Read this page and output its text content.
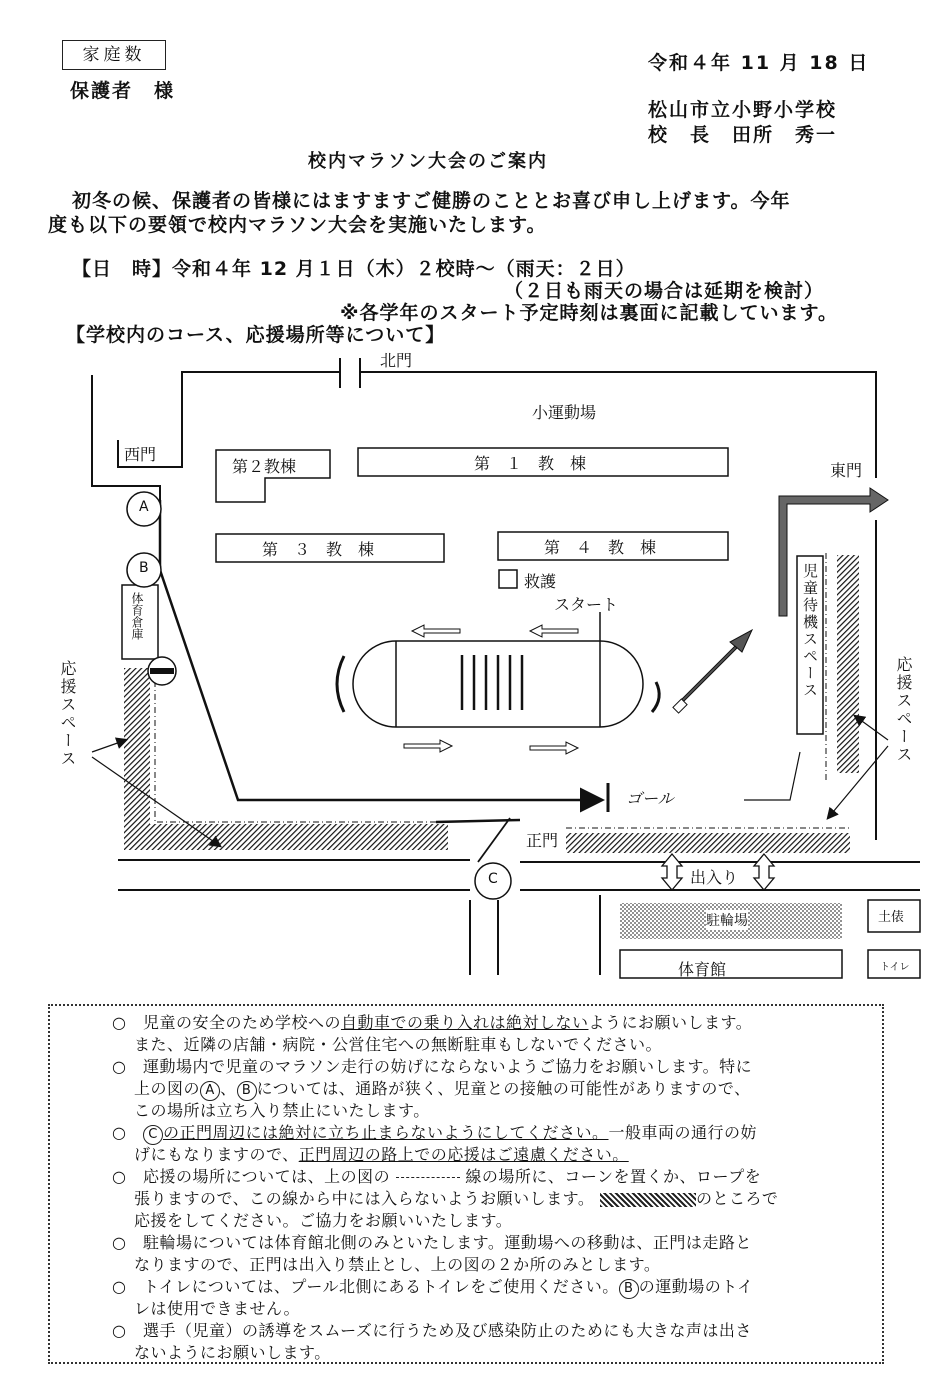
家庭数
保護者　様
令和４年 11 月 18 日
松山市立小野小学校
校　長　田所　秀一
校内マラソン大会のご案内
初冬の候、保護者の皆様にはますますご健勝のこととお喜び申し上げます。今年
度も以下の要領で校内マラソン大会を実施いたします。
【日　時】令和４年 12 月１日（木）２校時～（雨天：２日）
（２日も雨天の場合は延期を検討）
※各学年のスタート予定時刻は裏面に記載しています。
【学校内のコース、応援場所等について】
北門
小運動場
西門
東門
第　１　教　棟
第２教棟
第　３　教　棟	第　４　教　棟
救護
スタート
ゴール
児童待機スペース
体育倉庫
応援スペース	応援スペース
正門
出入り
駐輪場
体育館
土俵
トイレ
A
B
C
○　児童の安全のため学校への自動車での乗り入れは絶対しないようにお願いします。
また、近隣の店舗・病院・公営住宅への無断駐車もしないでください。
○　運動場内で児童のマラソン走行の妨げにならないようご協力をお願いします。特に
上の図の A 、 B については、通路が狭く、児童との接触の可能性がありますので、
この場所は立ち入り禁止にいたします。
○　 C の正門周辺には絶対に立ち止まらないようにしてください。一般車両の通行の妨
げにもなりますので、正門周辺の路上での応援はご遠慮ください。
○　応援の場所については、上の図の	線の場所に、コーンを置くか、ロープを
張りますので、この線から中には入らないようお願いします。	のところで
応援をしてください。ご協力をお願いいたします。
○　駐輪場については体育館北側のみといたします。運動場への移動は、正門は走路と
なりますので、正門は出入り禁止とし、上の図の２か所のみとします。
○　トイレについては、プール北側にあるトイレをご使用ください。 B の運動場のトイ
レは使用できません。
○　選手（児童）の誘導をスムーズに行うため及び感染防止のためにも大きな声は出さ
ないようにお願いします。
